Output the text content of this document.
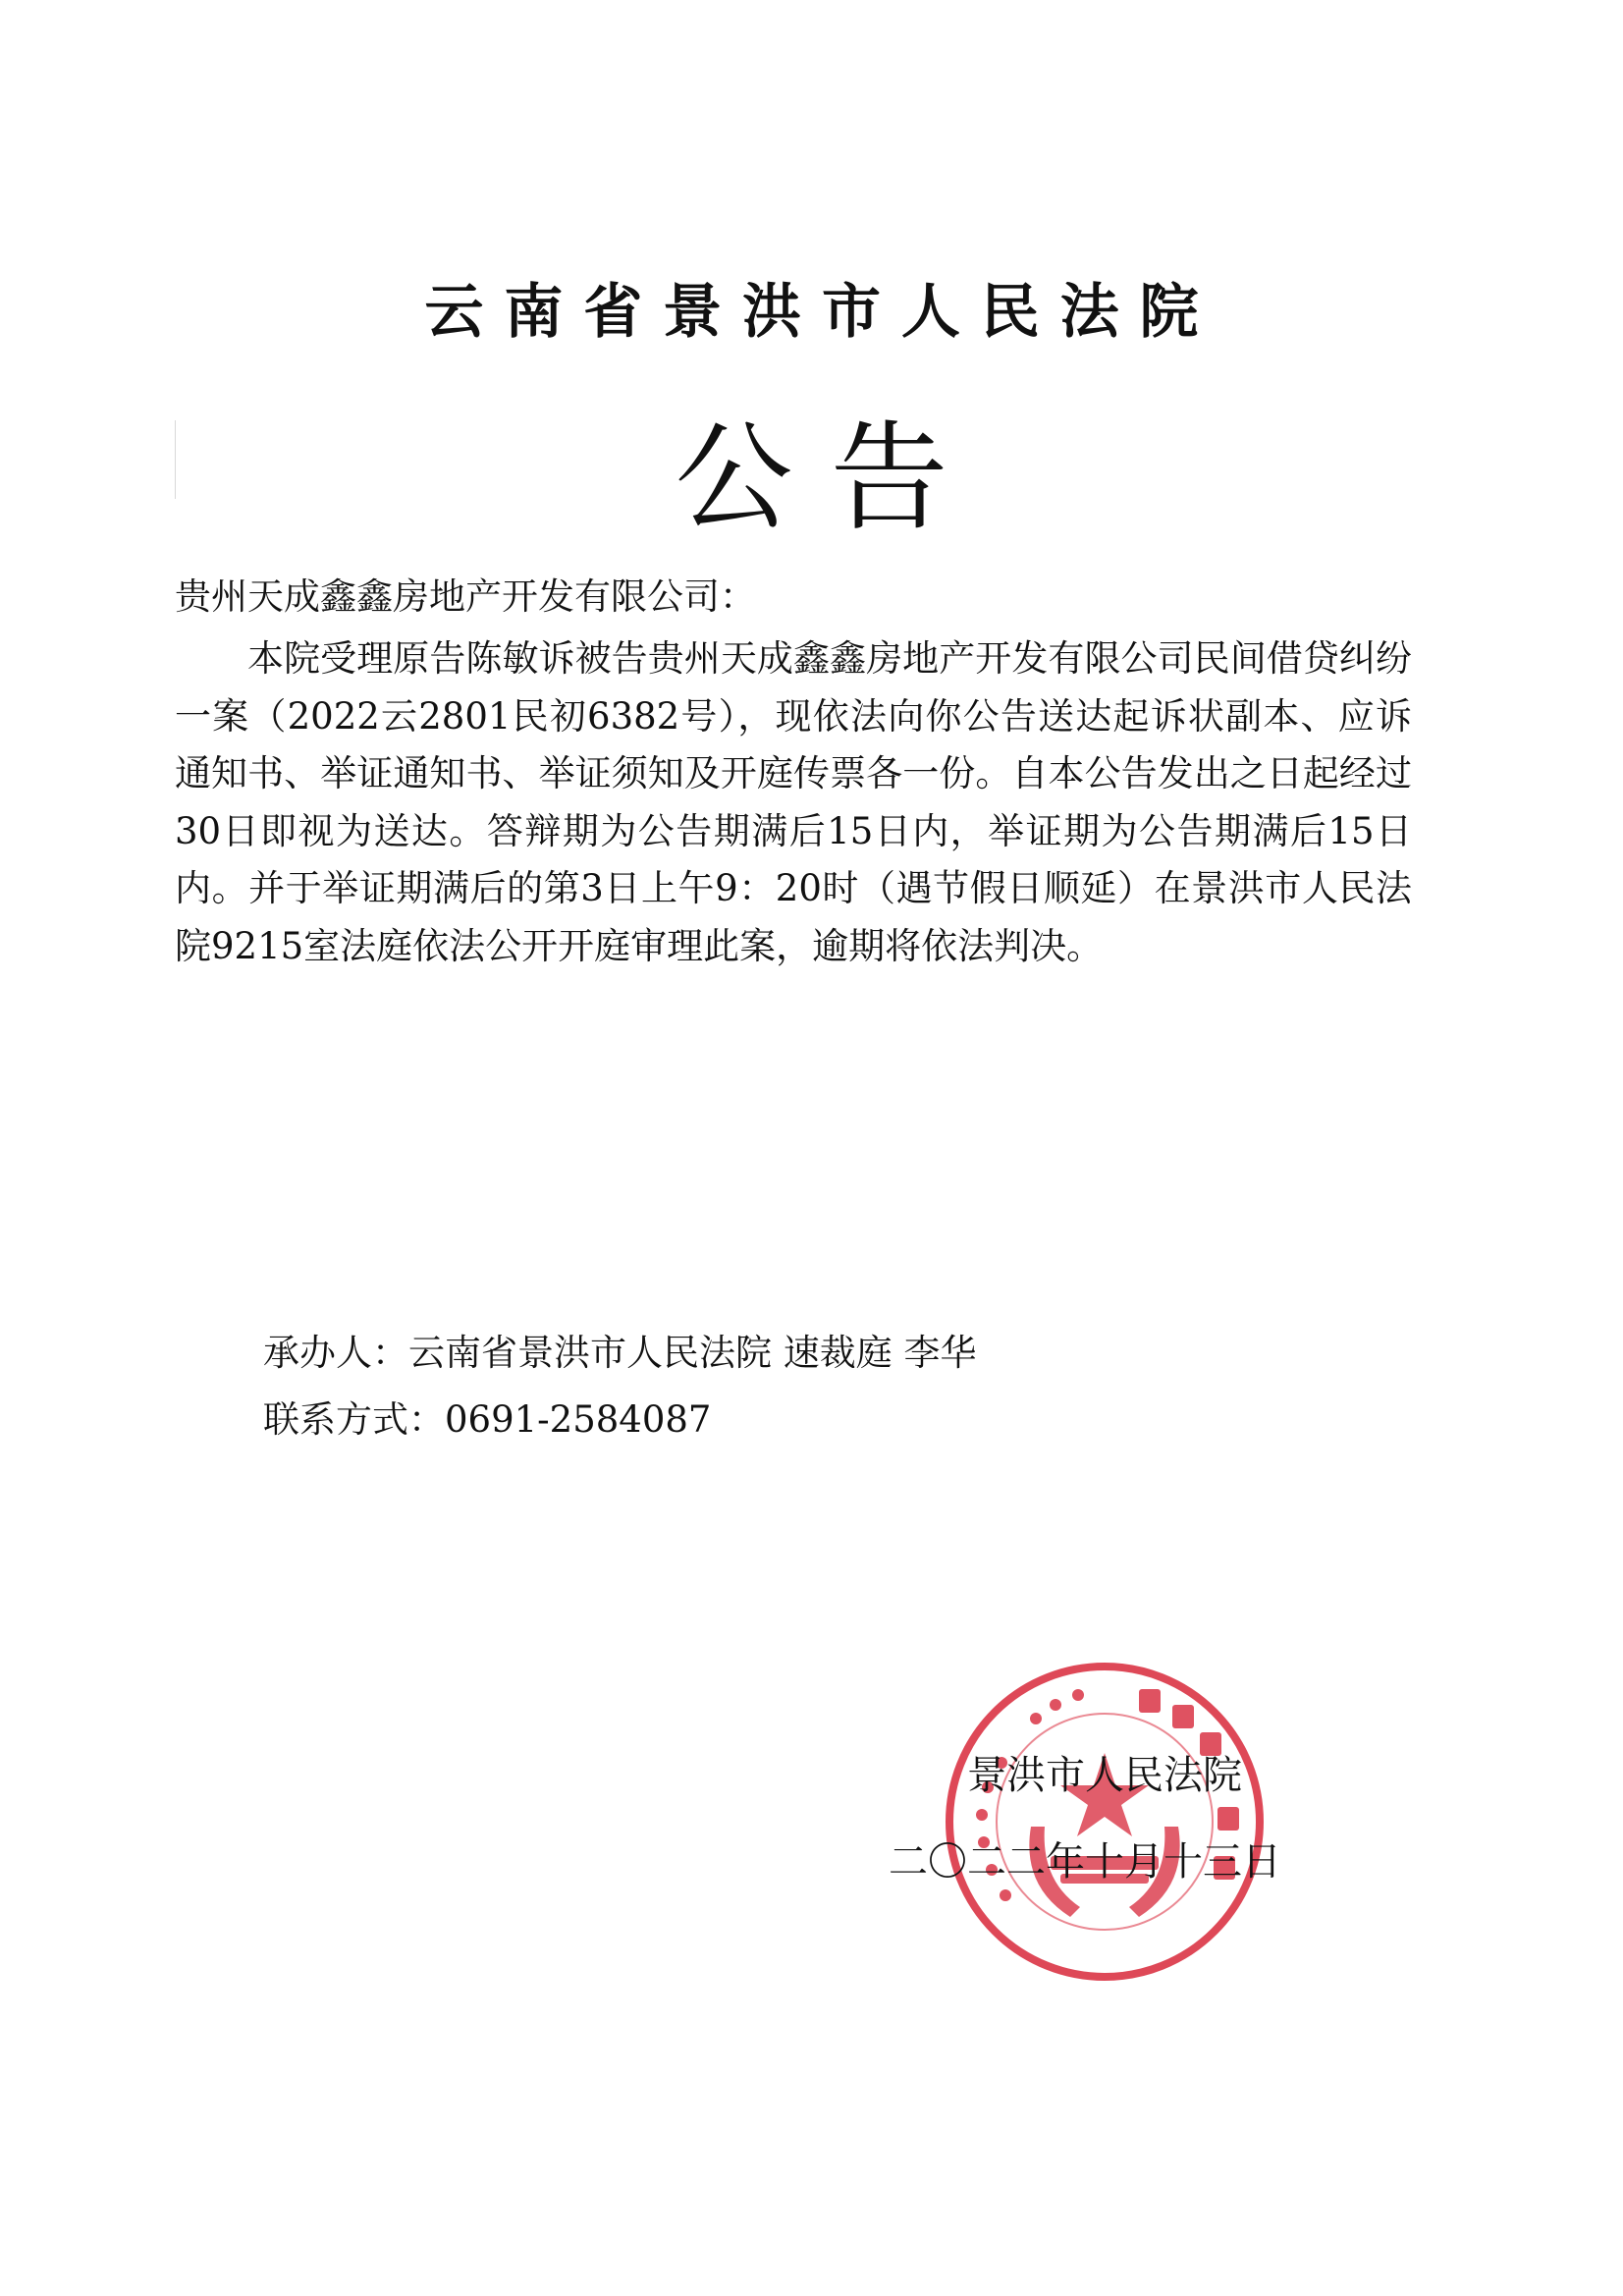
云 南 省 景 洪 市 人 民 法 院
公 告
贵州天成鑫鑫房地产开发有限公司：

本院受理原告陈敏诉被告贵州天成鑫鑫房地产开发有限公司民间借贷纠纷一案（2022云2801民初6382号），现依法向你公告送达起诉状副本、应诉通知书、举证通知书、举证须知及开庭传票各一份。自本公告发出之日起经过30日即视为送达。答辩期为公告期满后15日内，举证期为公告期满后15日内。并于举证期满后的第3日上午9：20时（遇节假日顺延）在景洪市人民法院9215室法庭依法公开开庭审理此案，逾期将依法判决。

承办人：云南省景洪市人民法院 速裁庭 李华
联系方式：0691-2584087
景洪市人民法院
二〇二二年十月十三日
